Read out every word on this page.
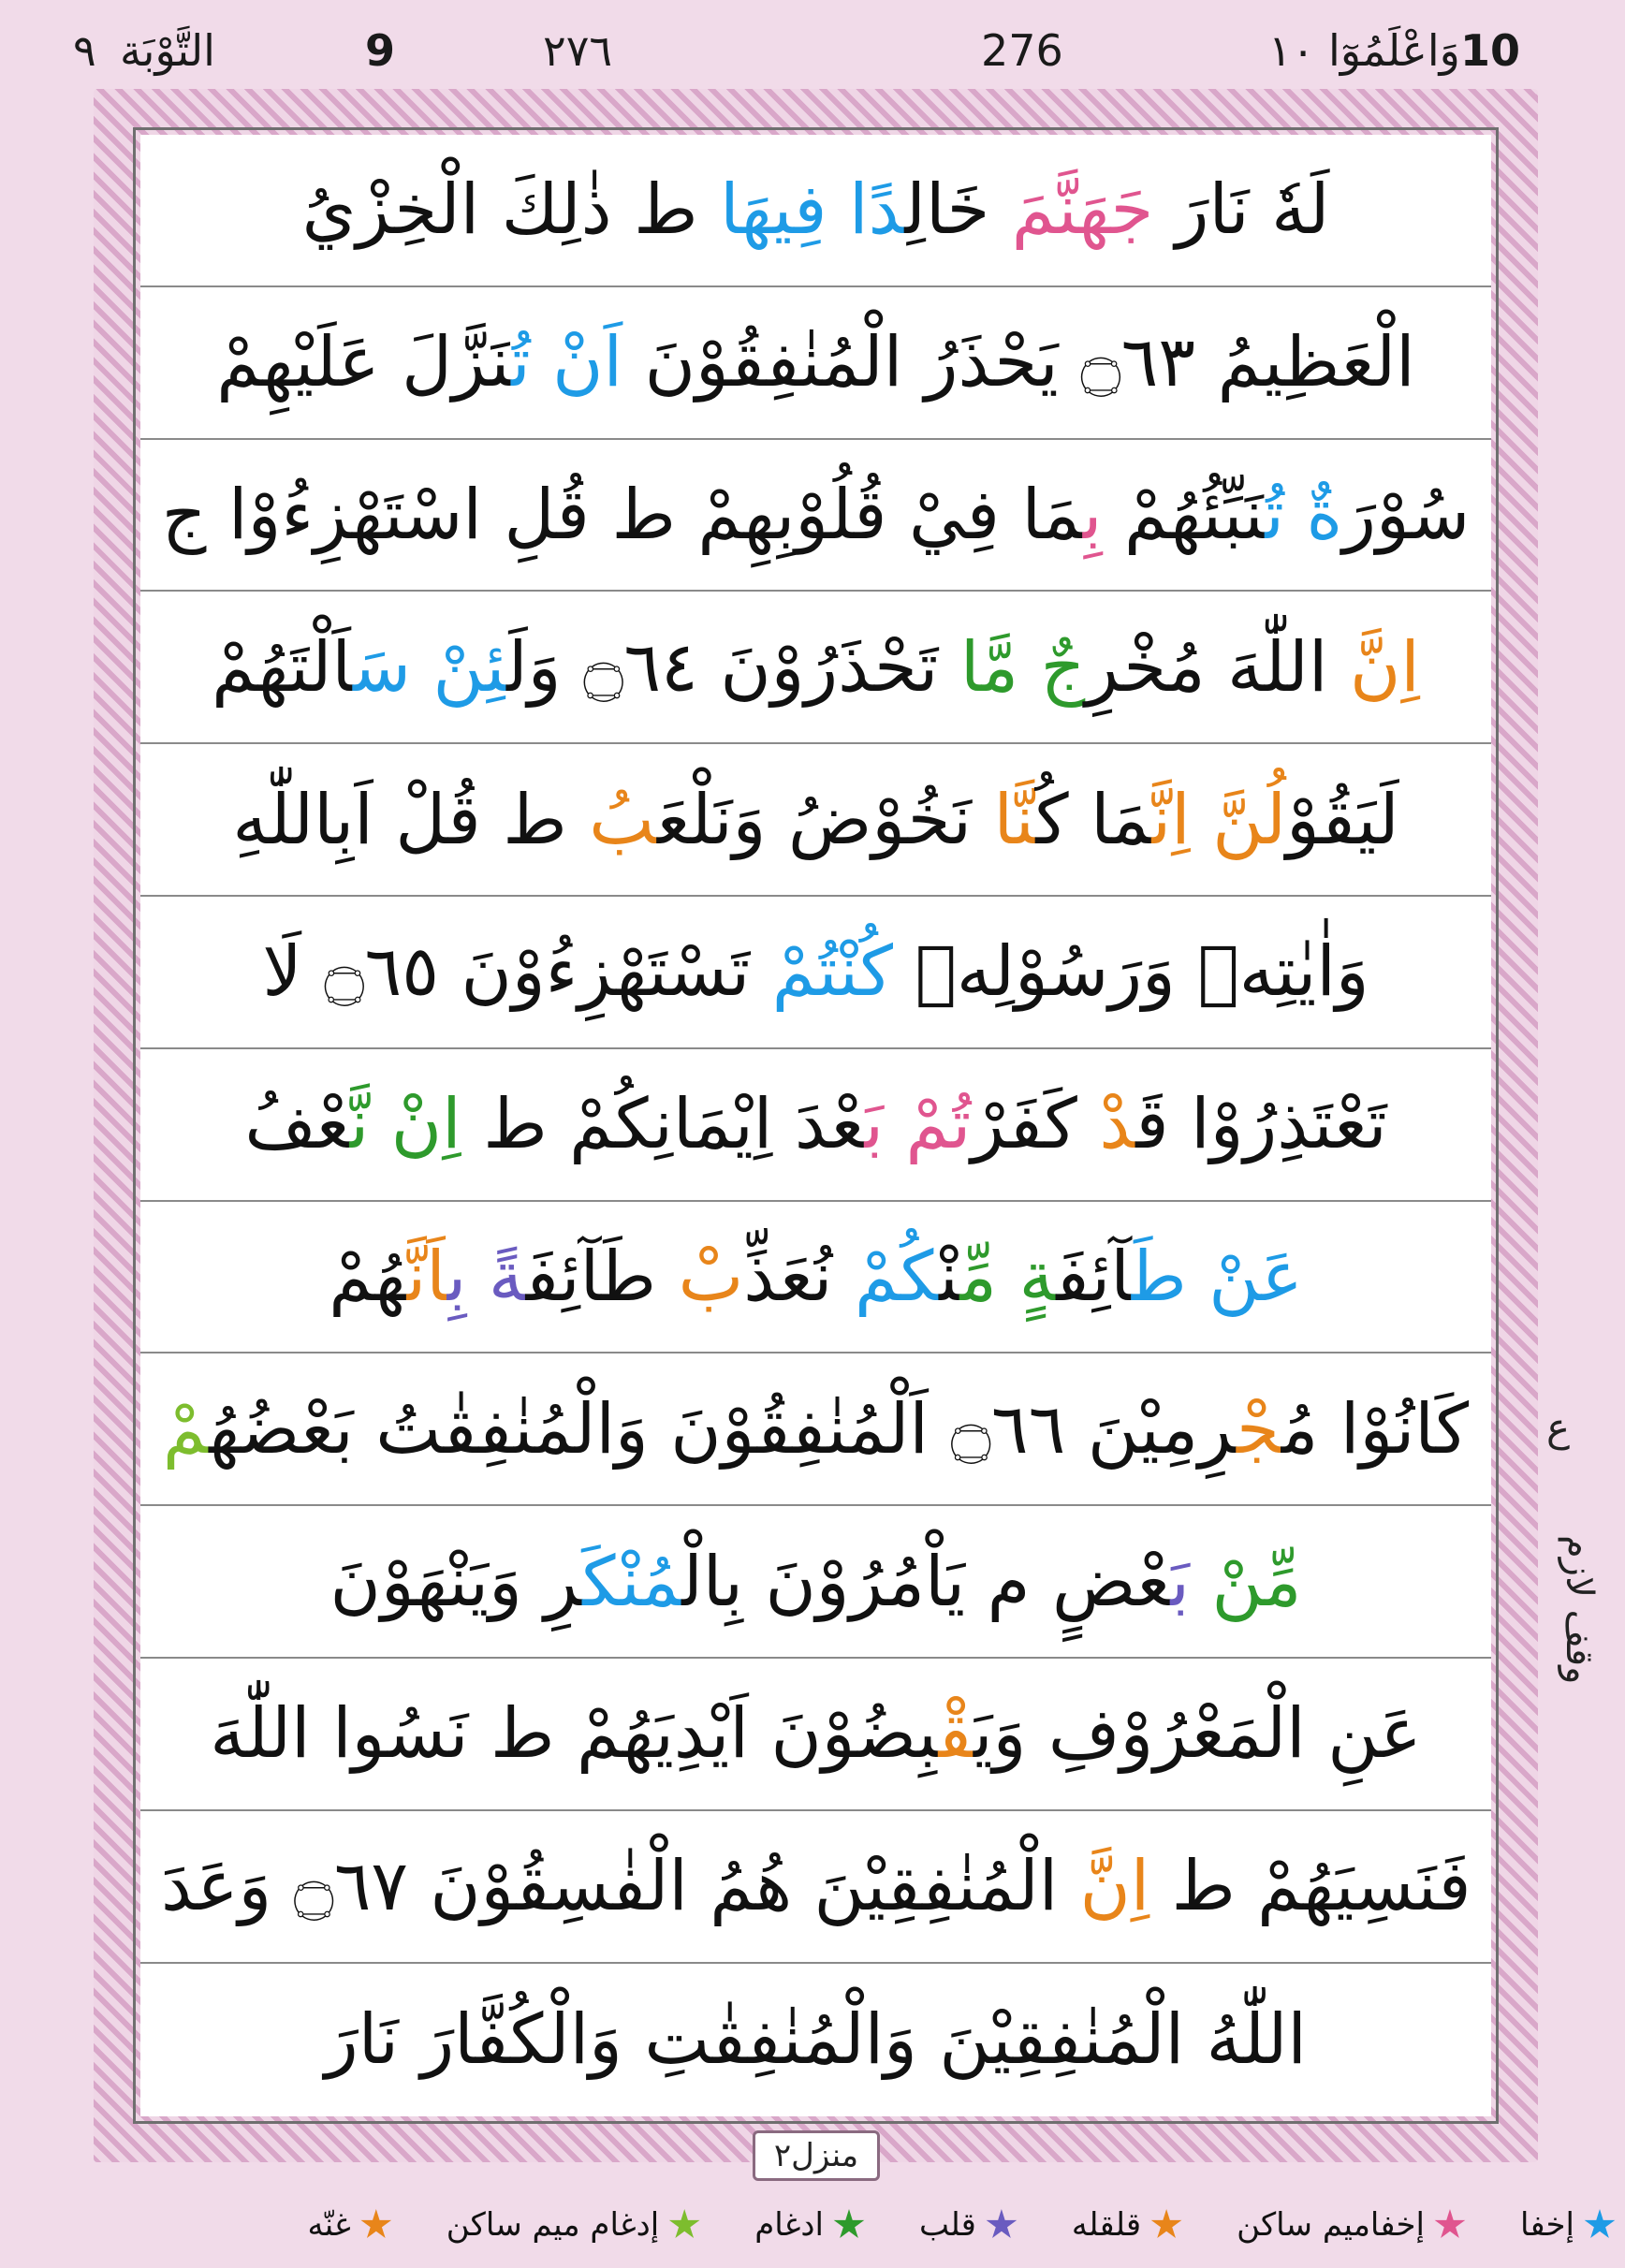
10
وَاعْلَمُوٓا ١٠
276
٢٧٦
9
التَّوْبَة
٩
لَهٗ نَارَ جَهَنَّمَ خَالِدًا فِيهَا ط ذٰلِكَ الْخِزْيُ
الْعَظِيمُ ۝٦٣ يَحْذَرُ الْمُنٰفِقُوْنَ اَنْ تُنَزَّلَ عَلَيْهِمْ
سُوْرَةٌ تُنَبِّئُهُمْ بِمَا فِيْ قُلُوْبِهِمْ ط قُلِ اسْتَهْزِءُوْا ج
اِنَّ اللّٰهَ مُخْرِجٌ مَّا تَحْذَرُوْنَ ۝٦٤ وَلَئِنْ سَاَلْتَهُمْ
لَيَقُوْلُنَّ اِنَّمَا كُنَّا نَخُوْضُ وَنَلْعَبُ ط قُلْ اَبِاللّٰهِ
وَاٰيٰتِهٖ وَرَسُوْلِهٖ كُنْتُمْ تَسْتَهْزِءُوْنَ ۝٦٥ لَا
تَعْتَذِرُوْا قَدْ كَفَرْتُمْ بَعْدَ اِيْمَانِكُمْ ط اِنْ نَّعْفُ
عَنْ طَآئِفَةٍ مِّنْكُمْ نُعَذِّبْ طَآئِفَةً بِاَنَّهُمْ
كَانُوْا مُجْرِمِيْنَ ۝٦٦ اَلْمُنٰفِقُوْنَ وَالْمُنٰفِقٰتُ بَعْضُهُمْ
مِّنْ بَعْضٍ م يَاْمُرُوْنَ بِالْمُنْكَرِ وَيَنْهَوْنَ
عَنِ الْمَعْرُوْفِ وَيَقْبِضُوْنَ اَيْدِيَهُمْ ط نَسُوا اللّٰهَ
فَنَسِيَهُمْ ط اِنَّ الْمُنٰفِقِيْنَ هُمُ الْفٰسِقُوْنَ ۝٦٧ وَعَدَ
اللّٰهُ الْمُنٰفِقِيْنَ وَالْمُنٰفِقٰتِ وَالْكُفَّارَ نَارَ
ع
وقف لازم
منزل٢
إخفا
إخفاميم ساكن
قلقله
قلب
ادغام
إدغام ميم ساكن
غنّه
